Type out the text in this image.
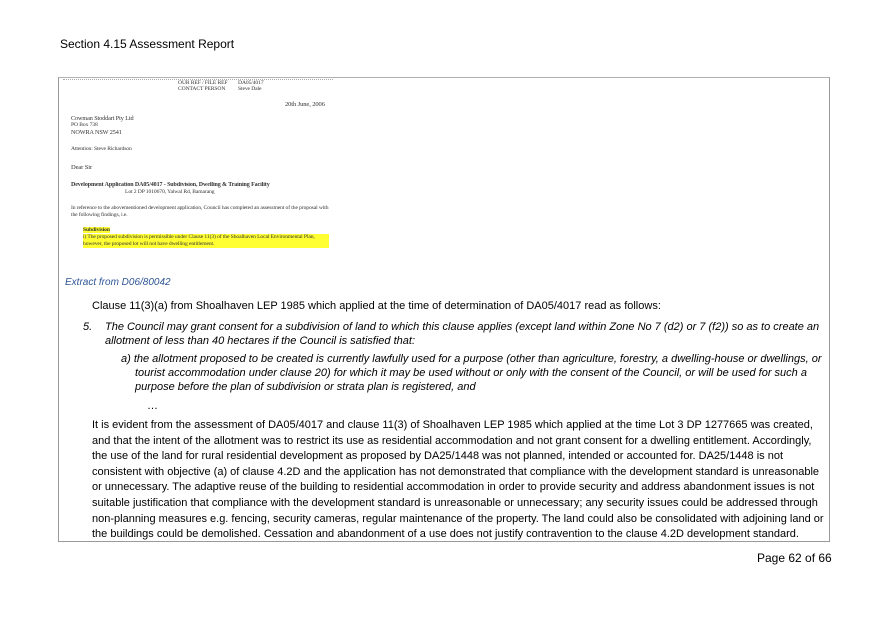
Section 4.15 Assessment Report
OUR REF / FILE REF
CONTACT PERSON
DA05/4017
Steve Dale
20th June, 2006
Cowman Stoddart Pty Ltd
PO Box 738
NOWRA NSW 2541
Attention: Steve Richardson
Dear Sir
Development Application DA05/4017 - Subdivision, Dwelling & Training Facility
Lot 2 DP 1010670, Yalwal Rd, Bamarang
In reference to the abovementioned development application, Council has completed an assessment of the proposal with the following findings, i.e.
Subdivision
i) The proposed subdivision is permissible under Clause 11(3) of the Shoalhaven Local Environmental Plan, however, the proposed lot will not have dwelling entitlement.
Extract from D06/80042
Clause 11(3)(a) from Shoalhaven LEP 1985 which applied at the time of determination of DA05/4017 read as follows:
5. The Council may grant consent for a subdivision of land to which this clause applies (except land within Zone No 7 (d2) or 7 (f2)) so as to create an allotment of less than 40 hectares if the Council is satisfied that:
a) the allotment proposed to be created is currently lawfully used for a purpose (other than agriculture, forestry, a dwelling-house or dwellings, or tourist accommodation under clause 20) for which it may be used without or only with the consent of the Council, or will be used for such a purpose before the plan of subdivision or strata plan is registered, and
…
It is evident from the assessment of DA05/4017 and clause 11(3) of Shoalhaven LEP 1985 which applied at the time Lot 3 DP 1277665 was created, and that the intent of the allotment was to restrict its use as residential accommodation and not grant consent for a dwelling entitlement. Accordingly, the use of the land for rural residential development as proposed by DA25/1448 was not planned, intended or accounted for. DA25/1448 is not consistent with objective (a) of clause 4.2D and the application has not demonstrated that compliance with the development standard is unreasonable or unnecessary. The adaptive reuse of the building to residential accommodation in order to provide security and address abandonment issues is not suitable justification that compliance with the development standard is unreasonable or unnecessary; any security issues could be addressed through non-planning measures e.g. fencing, security cameras, regular maintenance of the property. The land could also be consolidated with adjoining land or the buildings could be demolished. Cessation and abandonment of a use does not justify contravention to the clause 4.2D development standard.
Page 62 of 66
